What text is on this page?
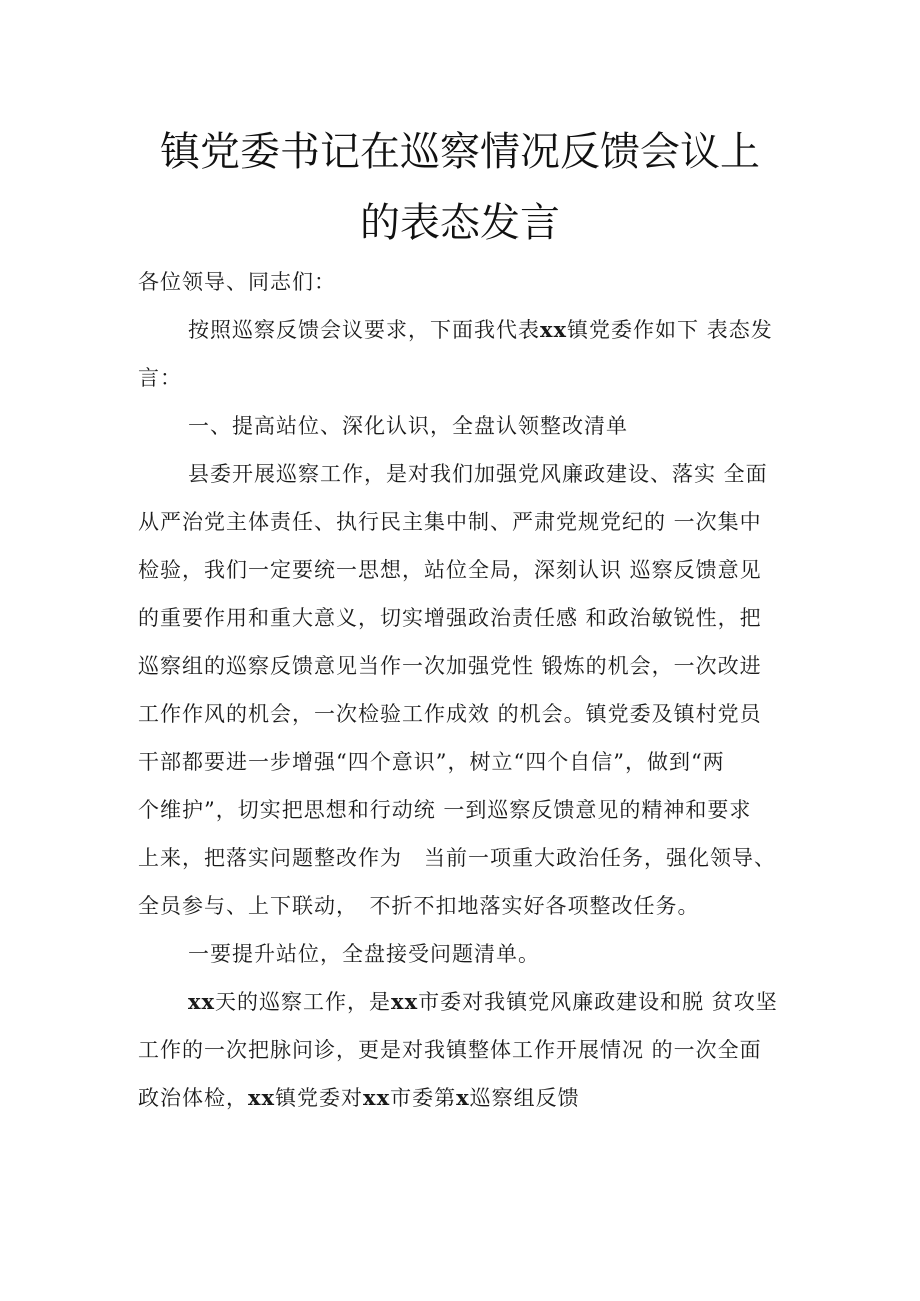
镇党委书记在巡察情况反馈会议上
的表态发言
各位领导、同志们：
按照巡察反馈会议要求，下面我代表xx镇党委作如下 表态发
言：
一、提高站位、深化认识，全盘认领整改清单
县委开展巡察工作，是对我们加强党风廉政建设、落实 全面
从严治党主体责任、执行民主集中制、严肃党规党纪的 一次集中
检验，我们一定要统一思想，站位全局，深刻认识 巡察反馈意见
的重要作用和重大意义，切实增强政治责任感 和政治敏锐性，把
巡察组的巡察反馈意见当作一次加强党性 锻炼的机会，一次改进
工作作风的机会，一次检验工作成效 的机会。镇党委及镇村党员
干部都要进一步增强“四个意识”，树立“四个自信”，做到“两
个维护”，切实把思想和行动统 一到巡察反馈意见的精神和要求
上来，把落实问题整改作为　当前一项重大政治任务，强化领导、
全员参与、上下联动，　不折不扣地落实好各项整改任务。
一要提升站位，全盘接受问题清单。
xx天的巡察工作，是xx市委对我镇党风廉政建设和脱 贫攻坚
工作的一次把脉问诊，更是对我镇整体工作开展情况 的一次全面
政治体检，xx镇党委对xx市委第x巡察组反馈
